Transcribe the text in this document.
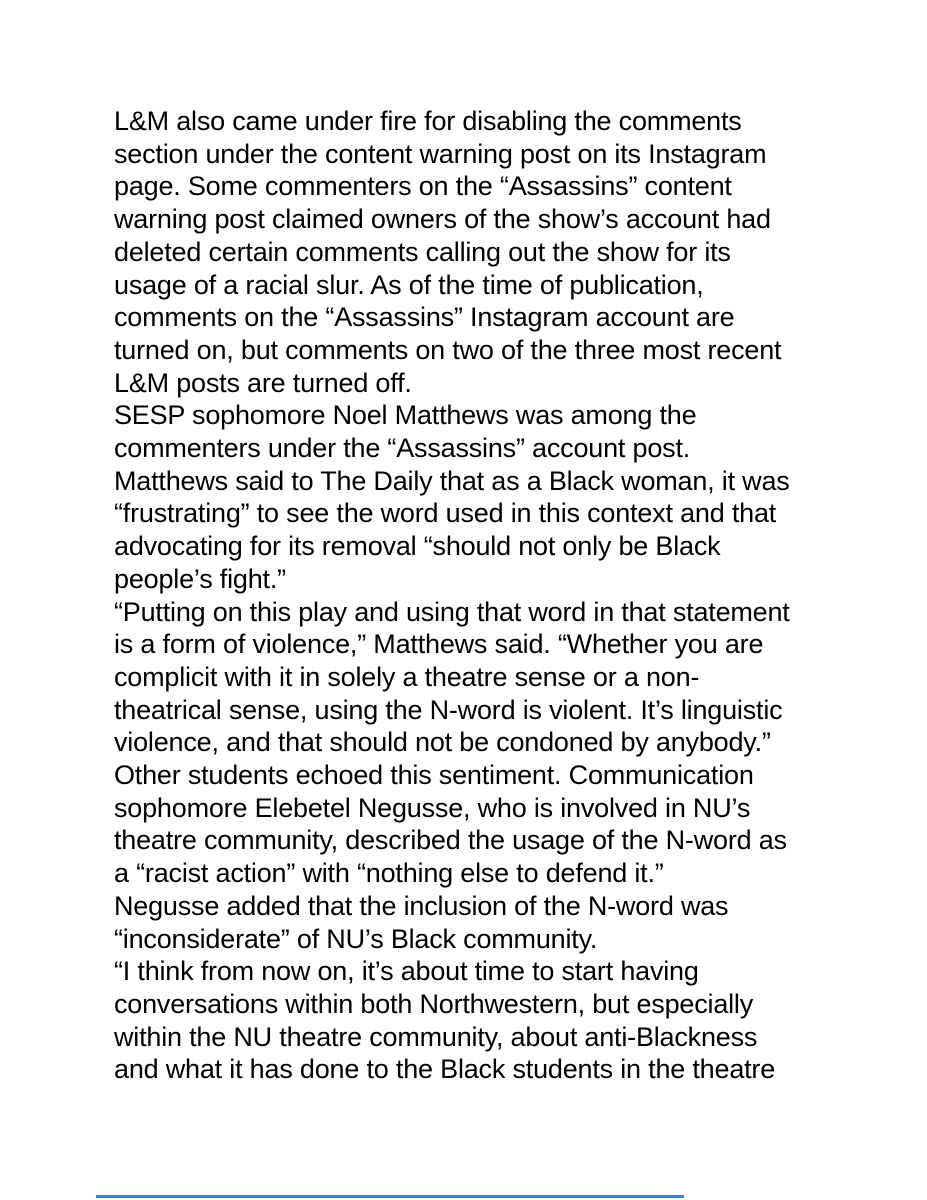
L&M also came under fire for disabling the comments
section under the content warning post on its Instagram
page. Some commenters on the “Assassins” content
warning post claimed owners of the show’s account had
deleted certain comments calling out the show for its
usage of a racial slur. As of the time of publication,
comments on the “Assassins” Instagram account are
turned on, but comments on two of the three most recent
L&M posts are turned off.
SESP sophomore Noel Matthews was among the
commenters under the “Assassins” account post.
Matthews said to The Daily that as a Black woman, it was
“frustrating” to see the word used in this context and that
advocating for its removal “should not only be Black
people’s fight.”
“Putting on this play and using that word in that statement
is a form of violence,” Matthews said. “Whether you are
complicit with it in solely a theatre sense or a non-
theatrical sense, using the N-word is violent. It’s linguistic
violence, and that should not be condoned by anybody.”
Other students echoed this sentiment. Communication
sophomore Elebetel Negusse, who is involved in NU’s
theatre community, described the usage of the N-word as
a “racist action” with “nothing else to defend it.”
Negusse added that the inclusion of the N-word was
“inconsiderate” of NU’s Black community.
“I think from now on, it’s about time to start having
conversations within both Northwestern, but especially
within the NU theatre community, about anti-Blackness
and what it has done to the Black students in the theatre
